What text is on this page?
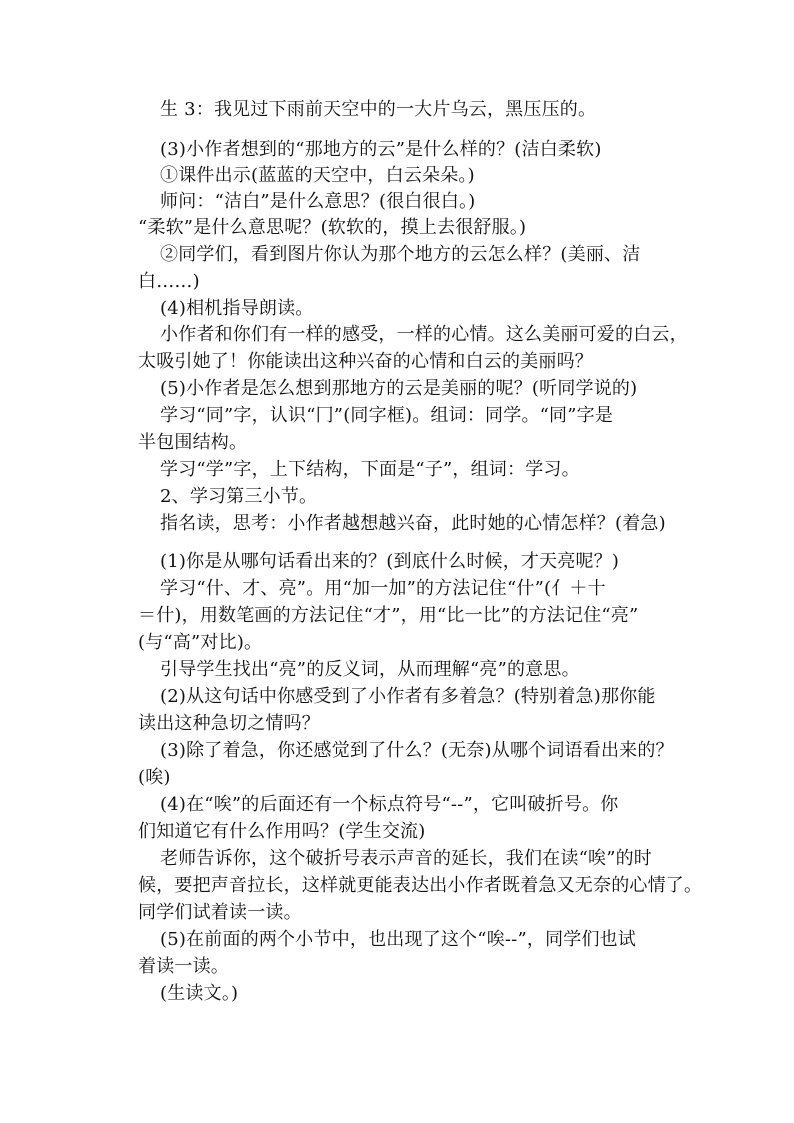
生 3：我见过下雨前天空中的一大片乌云，黑压压的。

(3)小作者想到的“那地方的云”是什么样的？(洁白柔软)

①课件出示(蓝蓝的天空中，白云朵朵。)

师问：“洁白”是什么意思？(很白很白。)

“柔软”是什么意思呢？(软软的，摸上去很舒服。)

②同学们，看到图片你认为那个地方的云怎么样？(美丽、洁

白……)

(4)相机指导朗读。

小作者和你们有一样的感受，一样的心情。这么美丽可爱的白云，

太吸引她了！你能读出这种兴奋的心情和白云的美丽吗？

(5)小作者是怎么想到那地方的云是美丽的呢？(听同学说的)

学习“同”字，认识“冂”(同字框)。组词：同学。“同”字是

半包围结构。

学习“学”字，上下结构，下面是“子”，组词：学习。

2、学习第三小节。

指名读，思考：小作者越想越兴奋，此时她的心情怎样？(着急)

(1)你是从哪句话看出来的？(到底什么时候，才天亮呢？)

学习“什、才、亮”。用“加一加”的方法记住“什”(亻＋十

＝什)，用数笔画的方法记住“才”，用“比一比”的方法记住“亮”

(与“高”对比)。

引导学生找出“亮”的反义词，从而理解“亮”的意思。

(2)从这句话中你感受到了小作者有多着急？(特别着急)那你能

读出这种急切之情吗？

(3)除了着急，你还感觉到了什么？(无奈)从哪个词语看出来的？

(唉)

(4)在“唉”的后面还有一个标点符号“--”，它叫破折号。你

们知道它有什么作用吗？(学生交流)

老师告诉你，这个破折号表示声音的延长，我们在读“唉”的时

候，要把声音拉长，这样就更能表达出小作者既着急又无奈的心情了。

同学们试着读一读。

(5)在前面的两个小节中，也出现了这个“唉--”，同学们也试

着读一读。

(生读文。)
